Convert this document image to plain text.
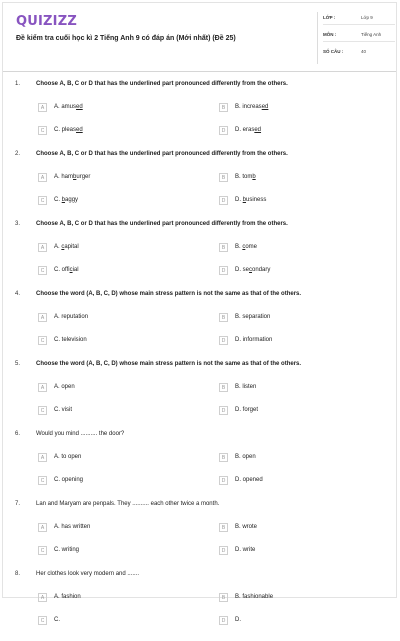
QUIZIZZ
Đề kiểm tra cuối học kì 2 Tiếng Anh 9 có đáp án (Mới nhất) (Đề 25)
LỚP :	Lớp 9
MÔN :	Tiếng Anh
SỐ CÂU :	40
1.	Choose A, B, C or D that has the underlined part pronounced differently from the others.
A	A. amused	B	B. increased
C	C. pleased	D	D. erased
2.	Choose A, B, C or D that has the underlined part pronounced differently from the others.
A	A. hamburger	B	B. tomb
C	C. baggy	D	D. business
3.	Choose A, B, C or D that has the underlined part pronounced differently from the others.
A	A. capital	B	B. come
C	C. official	D	D. secondary
4.	Choose the word (A, B, C, D) whose main stress pattern is not the same as that of the others.
A	A. reputation	B	B. separation
C	C. television	D	D. information
5.	Choose the word (A, B, C, D) whose main stress pattern is not the same as that of the others.
A	A. open	B	B. listen
C	C. visit	D	D. forget
6.	Would you mind .......... the door?
A	A. to open	B	B. open
C	C. opening	D	D. opened
7.	Lan and Maryam are penpals. They .......... each other twice a month.
A	A. has written	B	B. wrote
C	C. writing	D	D. write
8.	Her clothes look very modern and .......
A	A. fashion	B	B. fashionable
C	C.	D	D.
